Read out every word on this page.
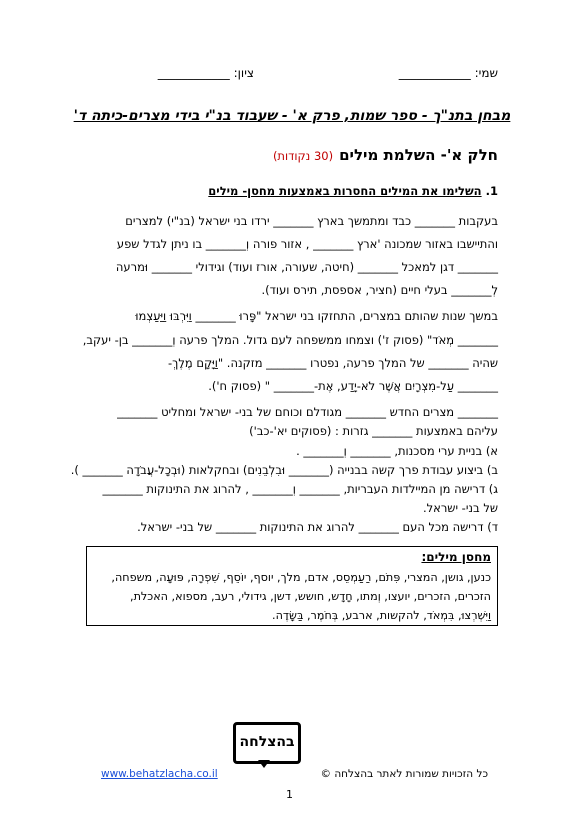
שמי: ____________
ציון: ____________
מבחן בתנ"ך - ספר שמות, פרק א' - שעבוד בנ"י בידי מצרים-כיתה ד'
חלק א'- השלמת מילים(30 נקודות)
1. השלימו את המילים החסרות באמצעות מחסן- מילים
בעקבות _______ כבד ומתמשך בארץ _______ ירדו בני ישראל (בנ"י) למצרים
והתיישבו באזור שמכונה 'ארץ _______ , אזור פורה וְ_______ בו ניתן לגדל שפע
_______ דגן למאכל _______ (חיטה, שעורה, אורז ועוד) וגידולי _______ וּמרעה
לְ_______ בעלי חיים (חציר, אספסת, תירס ועוד).
במשך שנות שהותם במצרים, התחזקו בני ישראל "פָּרוּ _______ וַיִּרְבּוּ וַיַּעַצְמוּ
_______ מְאֹד" (פסוק ז') וצמחו ממשפחה לעם גדול. המלך פרעה וְ_______ בן- יעקב,
שהיה _______ של המלך פרעה, נפטרו _______ מזקנה. "וַיָּקָם מֶלֶךְ-
_______ עַל-מִצְרָיִם אֲשֶׁר לֹא-יָדַע, אֶת-_______ " (פסוק ח').
_______ מצרים החדש _______ מגודלם וכוחם של בני- ישראל ומחליט _______
עליהם באמצעות _______ גזרות : (פסוקים יא'-כב')
א) בניית ערי מסכנות, _______ וְ_______ .
ב) ביצוע עבודת פרך קשה בבנייה (_______ וּבִלְבֵנִים) ובחקלאות (וּבְכָל-עֲבֹדָה _______ ).
ג) דרישה מן המיילדות העבריות, _______ וְ_______ , להרוג את התינוקות _______
של בני- ישראל.
ד) דרישה מכל העם _______ להרוג את התינוקות _______ של בני- ישראל.
מחסן מילים:
כנען, גושן, המצרי, פִּתֹם, רַעַמְסֵס, אדם, מלך, יוסף, יוֹסֵף, שִׁפְרָה, פּוּעָה, משפחה,
הזכרים, הזכרים, יועצו, וְמתו, חָדָש, חושש, דשן, גידולי, רעב, מספוא, האכלת,
וַיִּשְׁרְצוּ, בִּמְאֹד, להקשות, ארבע, בְּחֹמֶר, בַּשָּׂדֶה.
בהצלחה
www.behatzlacha.co.il	כל הזכויות שמורות לאתר בהצלחה ©
1
